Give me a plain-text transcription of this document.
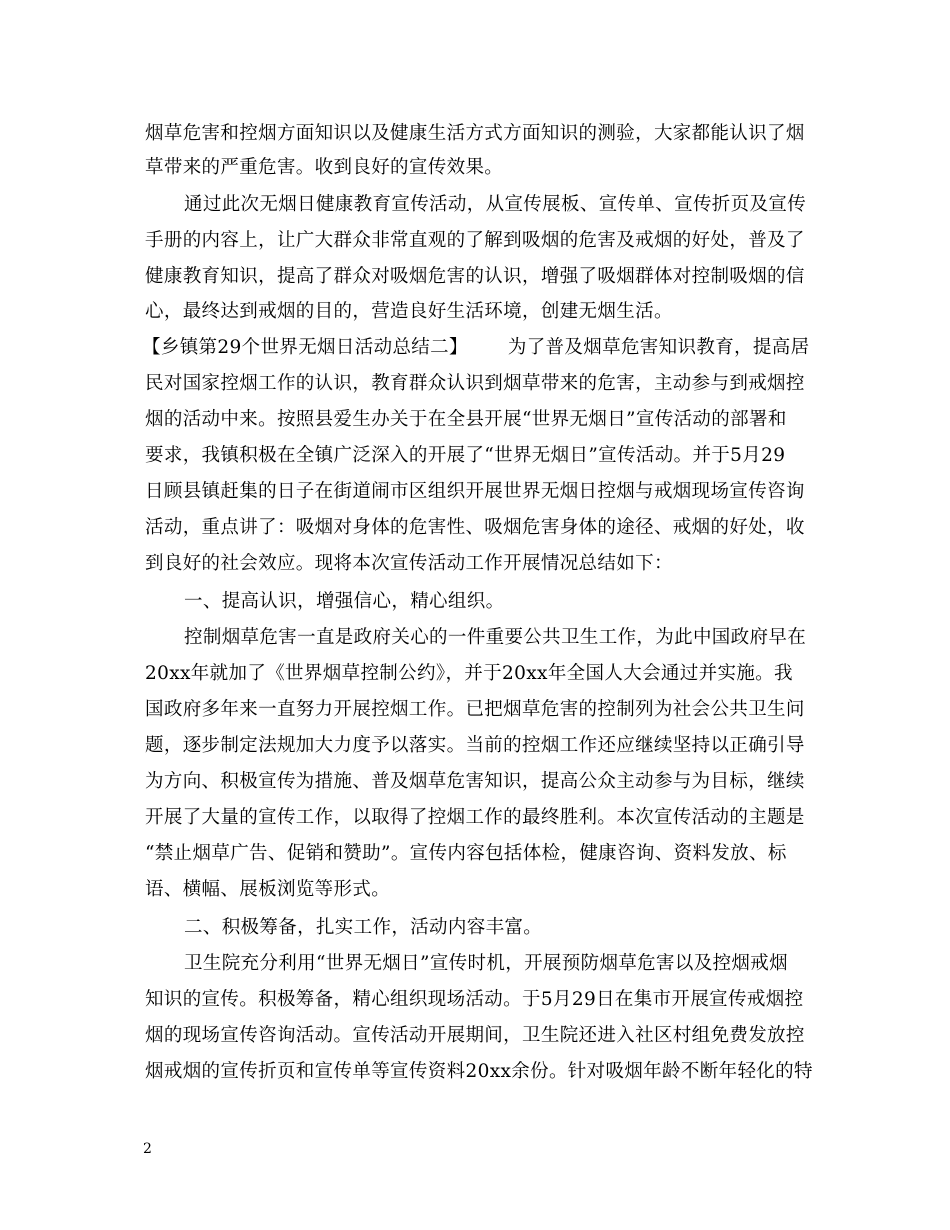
烟草危害和控烟方面知识以及健康生活方式方面知识的测验，大家都能认识了烟
草带来的严重危害。收到良好的宣传效果。
通过此次无烟日健康教育宣传活动，从宣传展板、宣传单、宣传折页及宣传
手册的内容上，让广大群众非常直观的了解到吸烟的危害及戒烟的好处，普及了
健康教育知识，提高了群众对吸烟危害的认识，增强了吸烟群体对控制吸烟的信
心，最终达到戒烟的目的，营造良好生活环境，创建无烟生活。
【乡镇第29个世界无烟日活动总结二】 为了普及烟草危害知识教育，提高居
民对国家控烟工作的认识，教育群众认识到烟草带来的危害，主动参与到戒烟控
烟的活动中来。按照县爱生办关于在全县开展“世界无烟日”宣传活动的部署和
要求，我镇积极在全镇广泛深入的开展了“世界无烟日”宣传活动。并于5月29
日顾县镇赶集的日子在街道闹市区组织开展世界无烟日控烟与戒烟现场宣传咨询
活动，重点讲了：吸烟对身体的危害性、吸烟危害身体的途径、戒烟的好处，收
到良好的社会效应。现将本次宣传活动工作开展情况总结如下：
一、提高认识，增强信心，精心组织。
控制烟草危害一直是政府关心的一件重要公共卫生工作，为此中国政府早在
20xx年就加了《世界烟草控制公约》，并于20xx年全国人大会通过并实施。我
国政府多年来一直努力开展控烟工作。已把烟草危害的控制列为社会公共卫生问
题，逐步制定法规加大力度予以落实。当前的控烟工作还应继续坚持以正确引导
为方向、积极宣传为措施、普及烟草危害知识，提高公众主动参与为目标，继续
开展了大量的宣传工作，以取得了控烟工作的最终胜利。本次宣传活动的主题是
“禁止烟草广告、促销和赞助”。宣传内容包括体检，健康咨询、资料发放、标
语、横幅、展板浏览等形式。
二、积极筹备，扎实工作，活动内容丰富。
卫生院充分利用“世界无烟日”宣传时机，开展预防烟草危害以及控烟戒烟
知识的宣传。积极筹备，精心组织现场活动。于5月29日在集市开展宣传戒烟控
烟的现场宣传咨询活动。宣传活动开展期间，卫生院还进入社区村组免费发放控
烟戒烟的宣传折页和宣传单等宣传资料20xx余份。针对吸烟年龄不断年轻化的特
2
